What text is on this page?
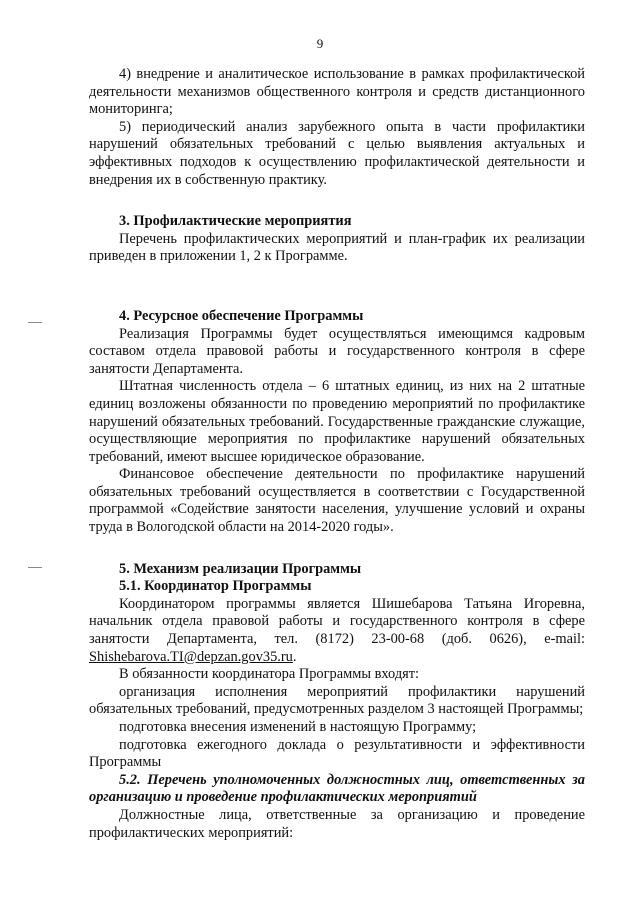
9

4) внедрение и аналитическое использование в рамках профилактической деятельности механизмов общественного контроля и средств дистанционного мониторинга;

5) периодический анализ зарубежного опыта в части профилактики нарушений обязательных требований с целью выявления актуальных и эффективных подходов к осуществлению профилактической деятельности и внедрения их в собственную практику.

3. Профилактические мероприятия

Перечень профилактических мероприятий и план-график их реализации приведен в приложении 1, 2 к Программе.

4. Ресурсное обеспечение Программы

Реализация Программы будет осуществляться имеющимся кадровым составом отдела правовой работы и государственного контроля в сфере занятости Департамента.

Штатная численность отдела – 6 штатных единиц, из них на 2 штатные единиц возложены обязанности по проведению мероприятий по профилактике нарушений обязательных требований. Государственные гражданские служащие, осуществляющие мероприятия по профилактике нарушений обязательных требований, имеют высшее юридическое образование.

Финансовое обеспечение деятельности по профилактике нарушений обязательных требований осуществляется в соответствии с Государственной программой «Содействие занятости населения, улучшение условий и охраны труда в Вологодской области на 2014-2020 годы».

5. Механизм реализации Программы

5.1. Координатор Программы

Координатором программы является Шишебарова Татьяна Игоревна, начальник отдела правовой работы и государственного контроля в сфере занятости Департамента, тел. (8172) 23-00-68 (доб. 0626), e-mail: Shishebarova.TI@depzan.gov35.ru.

В обязанности координатора Программы входят:

организация исполнения мероприятий профилактики нарушений обязательных требований, предусмотренных разделом 3 настоящей Программы;

подготовка внесения изменений в настоящую Программу;

подготовка ежегодного доклада о результативности и эффективности Программы

5.2. Перечень уполномоченных должностных лиц, ответственных за организацию и проведение профилактических мероприятий

Должностные лица, ответственные за организацию и проведение профилактических мероприятий:
